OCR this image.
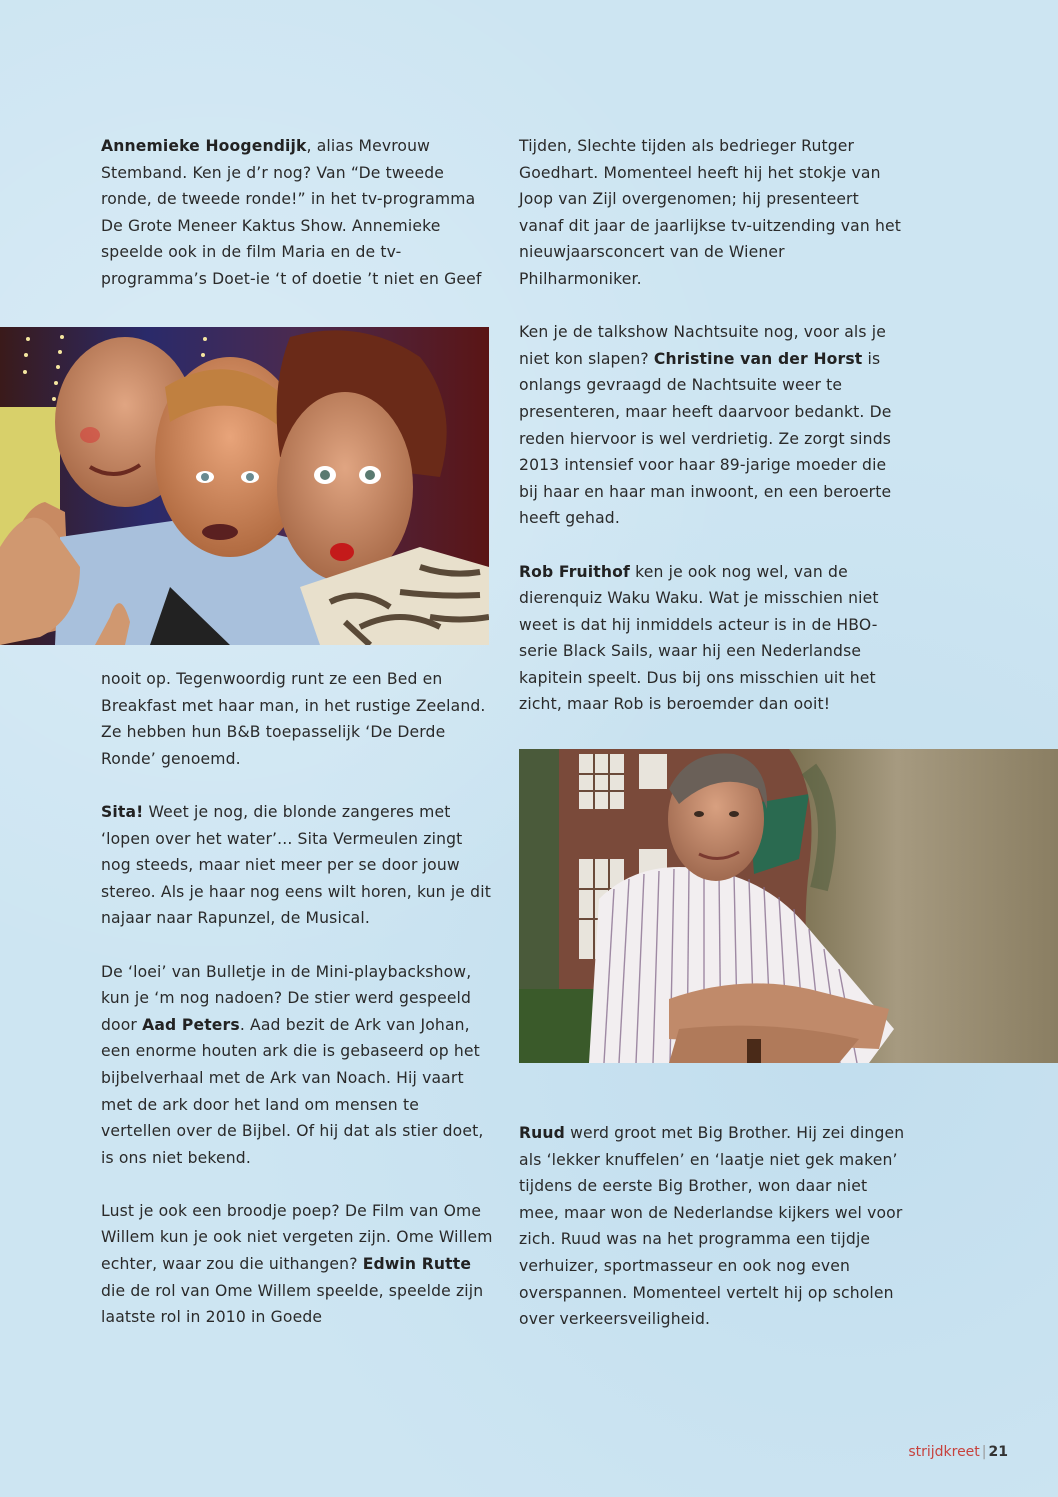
Annemieke Hoogendijk, alias Mevrouw Stemband. Ken je d’r nog? Van “De tweede ronde, de tweede ronde!” in het tv-programma De Grote Meneer Kaktus Show. Annemieke speelde ook in de film Maria en de tv-programma’s Doet-ie ‘t of doetie ’t niet en Geef

nooit op. Tegenwoordig runt ze een Bed en Breakfast met haar man, in het rustige Zeeland. Ze hebben hun B&B toepasselijk ‘De Derde Ronde’ genoemd.

Sita! Weet je nog, die blonde zangeres met ‘lopen over het water’... Sita Vermeulen zingt nog steeds, maar niet meer per se door jouw stereo. Als je haar nog eens wilt horen, kun je dit najaar naar Rapunzel, de Musical.

De ‘loei’ van Bulletje in de Mini-playbackshow, kun je ‘m nog nadoen? De stier werd gespeeld door Aad Peters. Aad bezit de Ark van Johan, een enorme houten ark die is gebaseerd op het bijbelverhaal met de Ark van Noach. Hij vaart met de ark door het land om mensen te vertellen over de Bijbel. Of hij dat als stier doet, is ons niet bekend.

Lust je ook een broodje poep? De Film van Ome Willem kun je ook niet vergeten zijn. Ome Willem echter, waar zou die uithangen? Edwin Rutte die de rol van Ome Willem speelde, speelde zijn laatste rol in 2010 in Goede

Tijden, Slechte tijden als bedrieger Rutger Goedhart. Momenteel heeft hij het stokje van Joop van Zijl overgenomen; hij presenteert vanaf dit jaar de jaarlijkse tv-uitzending van het nieuwjaarsconcert van de Wiener Philharmoniker.

Ken je de talkshow Nachtsuite nog, voor als je niet kon slapen? Christine van der Horst is onlangs gevraagd de Nachtsuite weer te presenteren, maar heeft daarvoor bedankt. De reden hiervoor is wel verdrietig. Ze zorgt sinds 2013 intensief voor haar 89-jarige moeder die bij haar en haar man inwoont, en een beroerte heeft gehad.

Rob Fruithof ken je ook nog wel, van de dierenquiz Waku Waku. Wat je misschien niet weet is dat hij inmiddels acteur is in de HBO-serie Black Sails, waar hij een Nederlandse kapitein speelt. Dus bij ons misschien uit het zicht, maar Rob is beroemder dan ooit!

Ruud werd groot met Big Brother. Hij zei dingen als ‘lekker knuffelen’ en ‘laatje niet gek maken’ tijdens de eerste Big Brother, won daar niet mee, maar won de Nederlandse kijkers wel voor zich. Ruud was na het programma een tijdje verhuizer, sportmasseur en ook nog even overspannen. Momenteel vertelt hij op scholen over verkeersveiligheid.

strijdkreet | 21
